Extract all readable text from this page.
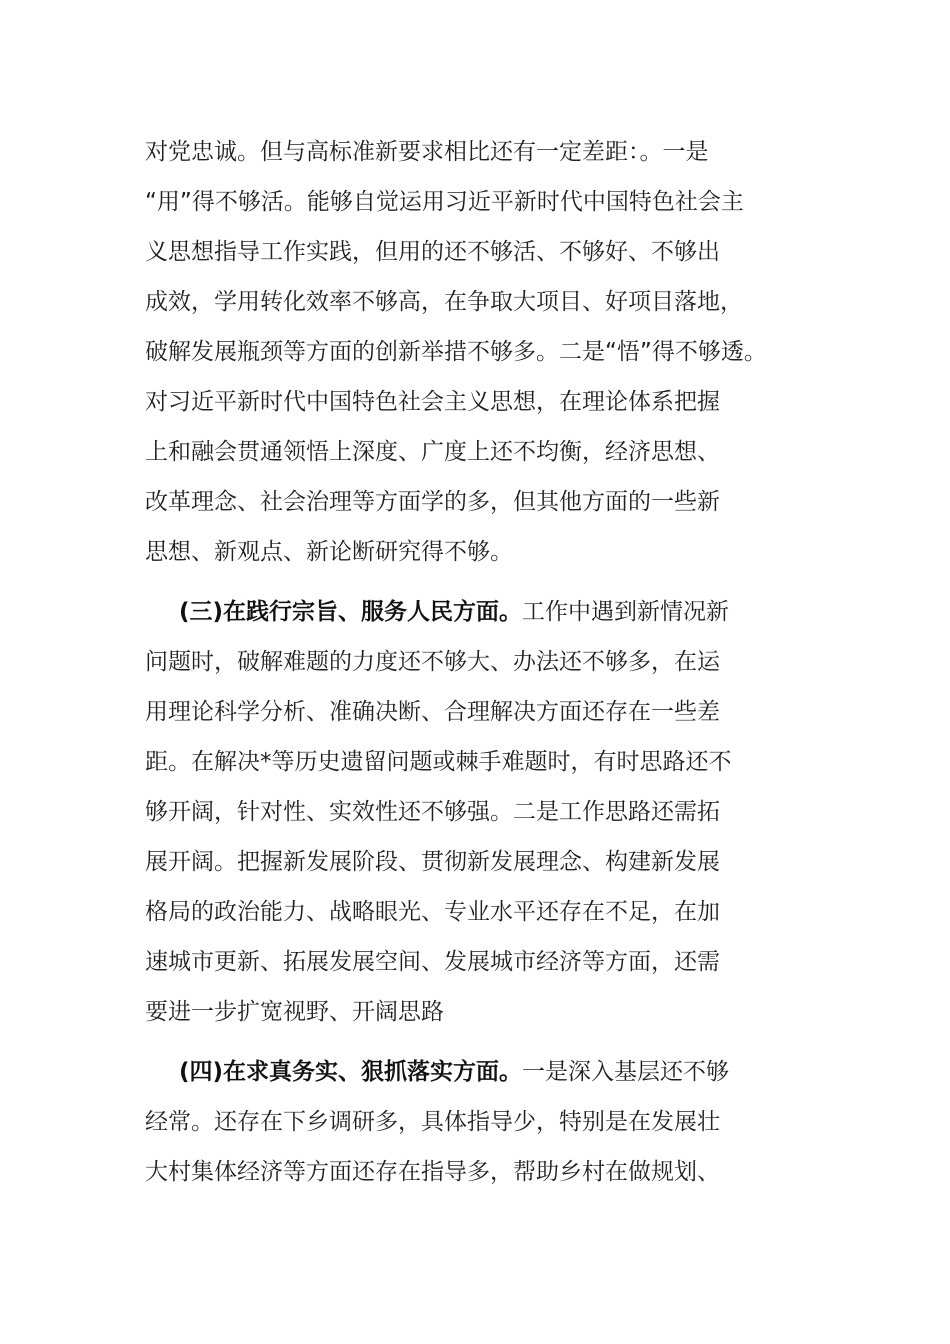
对党忠诚。但与高标准新要求相比还有一定差距：。一是
“用”得不够活。能够自觉运用习近平新时代中国特色社会主
义思想指导工作实践，但用的还不够活、不够好、不够出
成效，学用转化效率不够高，在争取大项目、好项目落地，
破解发展瓶颈等方面的创新举措不够多。二是“悟”得不够透。
对习近平新时代中国特色社会主义思想，在理论体系把握
上和融会贯通领悟上深度、广度上还不均衡，经济思想、
改革理念、社会治理等方面学的多，但其他方面的一些新
思想、新观点、新论断研究得不够。
(三)在践行宗旨、服务人民方面。工作中遇到新情况新
问题时，破解难题的力度还不够大、办法还不够多，在运
用理论科学分析、准确决断、合理解决方面还存在一些差
距。在解决*等历史遗留问题或棘手难题时，有时思路还不
够开阔，针对性、实效性还不够强。二是工作思路还需拓
展开阔。把握新发展阶段、贯彻新发展理念、构建新发展
格局的政治能力、战略眼光、专业水平还存在不足，在加
速城市更新、拓展发展空间、发展城市经济等方面，还需
要进一步扩宽视野、开阔思路
(四)在求真务实、狠抓落实方面。一是深入基层还不够
经常。还存在下乡调研多，具体指导少，特别是在发展壮
大村集体经济等方面还存在指导多，帮助乡村在做规划、
